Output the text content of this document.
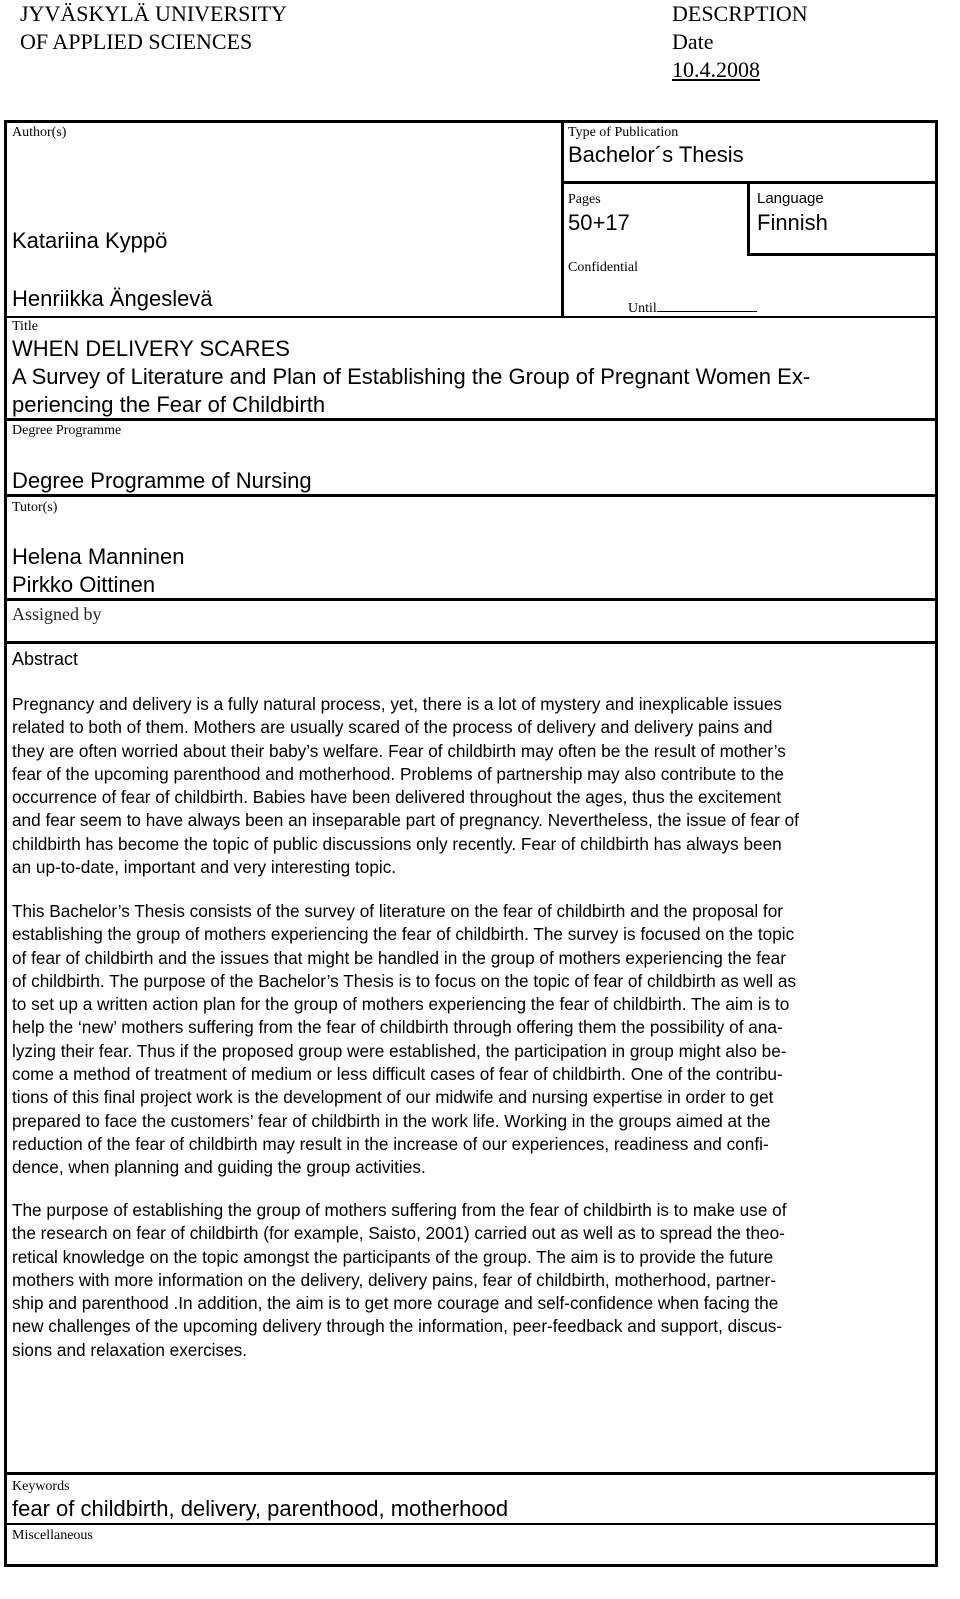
JYVÄSKYLÄ UNIVERSITY
OF APPLIED SCIENCES
DESCRPTION
Date
10.4.2008
Author(s)
Katariina Kyppö
Henriikka Ängeslevä
Type of Publication
Bachelor´s Thesis
Pages
50+17
Language
Finnish
Confidential
Until
Title
WHEN DELIVERY SCARES
A Survey of Literature and Plan of Establishing the Group of Pregnant Women Ex-
periencing the Fear of Childbirth
Degree Programme
Degree Programme of Nursing
Tutor(s)
Helena Manninen
Pirkko Oittinen
Assigned by
Abstract
Pregnancy and delivery is a fully natural process, yet, there is a lot of mystery and inexplicable issues
related to both of them. Mothers are usually scared of the process of delivery and delivery pains and
they are often worried about their baby’s welfare. Fear of childbirth may often be the result of mother’s
fear of the upcoming parenthood and motherhood. Problems of partnership may also contribute to the
occurrence of fear of childbirth. Babies have been delivered throughout the ages, thus the excitement
and fear seem to have always been an inseparable part of pregnancy. Nevertheless, the issue of fear of
childbirth has become the topic of public discussions only recently. Fear of childbirth has always been
an up-to-date, important and very interesting topic.
This Bachelor’s Thesis consists of the survey of literature on the fear of childbirth and the proposal for
establishing the group of mothers experiencing the fear of childbirth. The survey is focused on the topic
of fear of childbirth and the issues that might be handled in the group of mothers experiencing the fear
of childbirth. The purpose of the Bachelor’s Thesis is to focus on the topic of fear of childbirth as well as
to set up a written action plan for the group of mothers experiencing the fear of childbirth. The aim is to
help the ‘new’ mothers suffering from the fear of childbirth through offering them the possibility of ana-
lyzing their fear. Thus if the proposed group were established, the participation in group might also be-
come a method of treatment of medium or less difficult cases of fear of childbirth. One of the contribu-
tions of this final project work is the development of our midwife and nursing expertise in order to get
prepared to face the customers’ fear of childbirth in the work life. Working in the groups aimed at the
reduction of the fear of childbirth may result in the increase of our experiences, readiness and confi-
dence, when planning and guiding the group activities.
The purpose of establishing the group of mothers suffering from the fear of childbirth is to make use of
the research on fear of childbirth (for example, Saisto, 2001) carried out as well as to spread the theo-
retical knowledge on the topic amongst the participants of the group. The aim is to provide the future
mothers with more information on the delivery, delivery pains, fear of childbirth, motherhood, partner-
ship and parenthood .In addition, the aim is to get more courage and self-confidence when facing the
new challenges of the upcoming delivery through the information, peer-feedback and support, discus-
sions and relaxation exercises.
Keywords
fear of childbirth, delivery, parenthood, motherhood
Miscellaneous
